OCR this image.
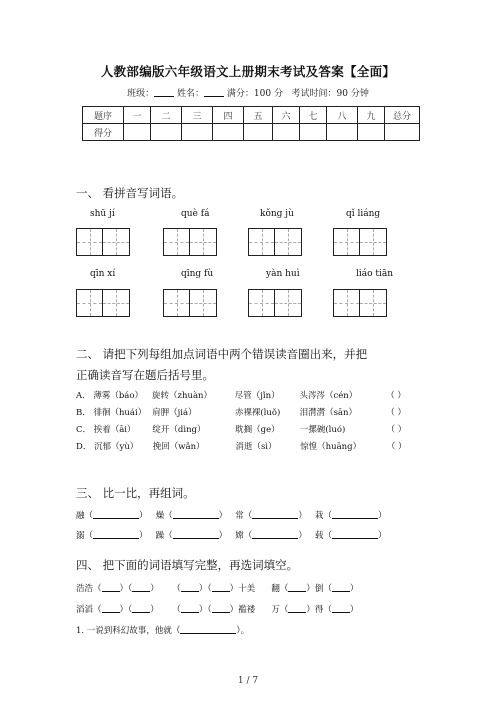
人教部编版六年级语文上册期末考试及答案【全面】
班级：	姓名：	满分：100 分 考试时间：90 分钟
题序	一	二	三	四	五	六	七	八	九	总分
得分										
一、 看拼音写词语。
shū jí	què fá	kǒng jù	qǐ liáng
qīn xí	qīng fù	yàn huì	liáo tiān
二、 请把下列每组加点词语中两个错误读音圈出来，并把
正确读音写在题后括号里。
A． 薄雾（báo） 旋转（zhuàn）	尽管（jǐn） 头涔涔（cén）	（ ）
B． 徘徊（huái） 肩胛（jiá）	赤裸裸(luǒ) 泪潸潸（sān）	（ ）
C． 挨着（āi） 绽开（dìng）	耽搁（ge） 一摞碗(luó)	（ ）
D． 沉郁（yù） 挽回（wǎn）	消逝（sì）	惊惶（huāng）	（ ）
三、 比一比，再组词。
融（	）   燥（	）   常（	）   栽（	）
溺（	）   躁（	）   嫦（	）   载（	）
四、 把下面的词语填写完整，再选词填空。
浩浩（ ）（ ）     （ ）（ ）十美 翻（ ）倒（ ）
滔滔（ ）（ ）     （ ）（ ）褴褛 万（ ）得（ ）
1. 一说到科幻故事，他就（	）。
1 / 7
